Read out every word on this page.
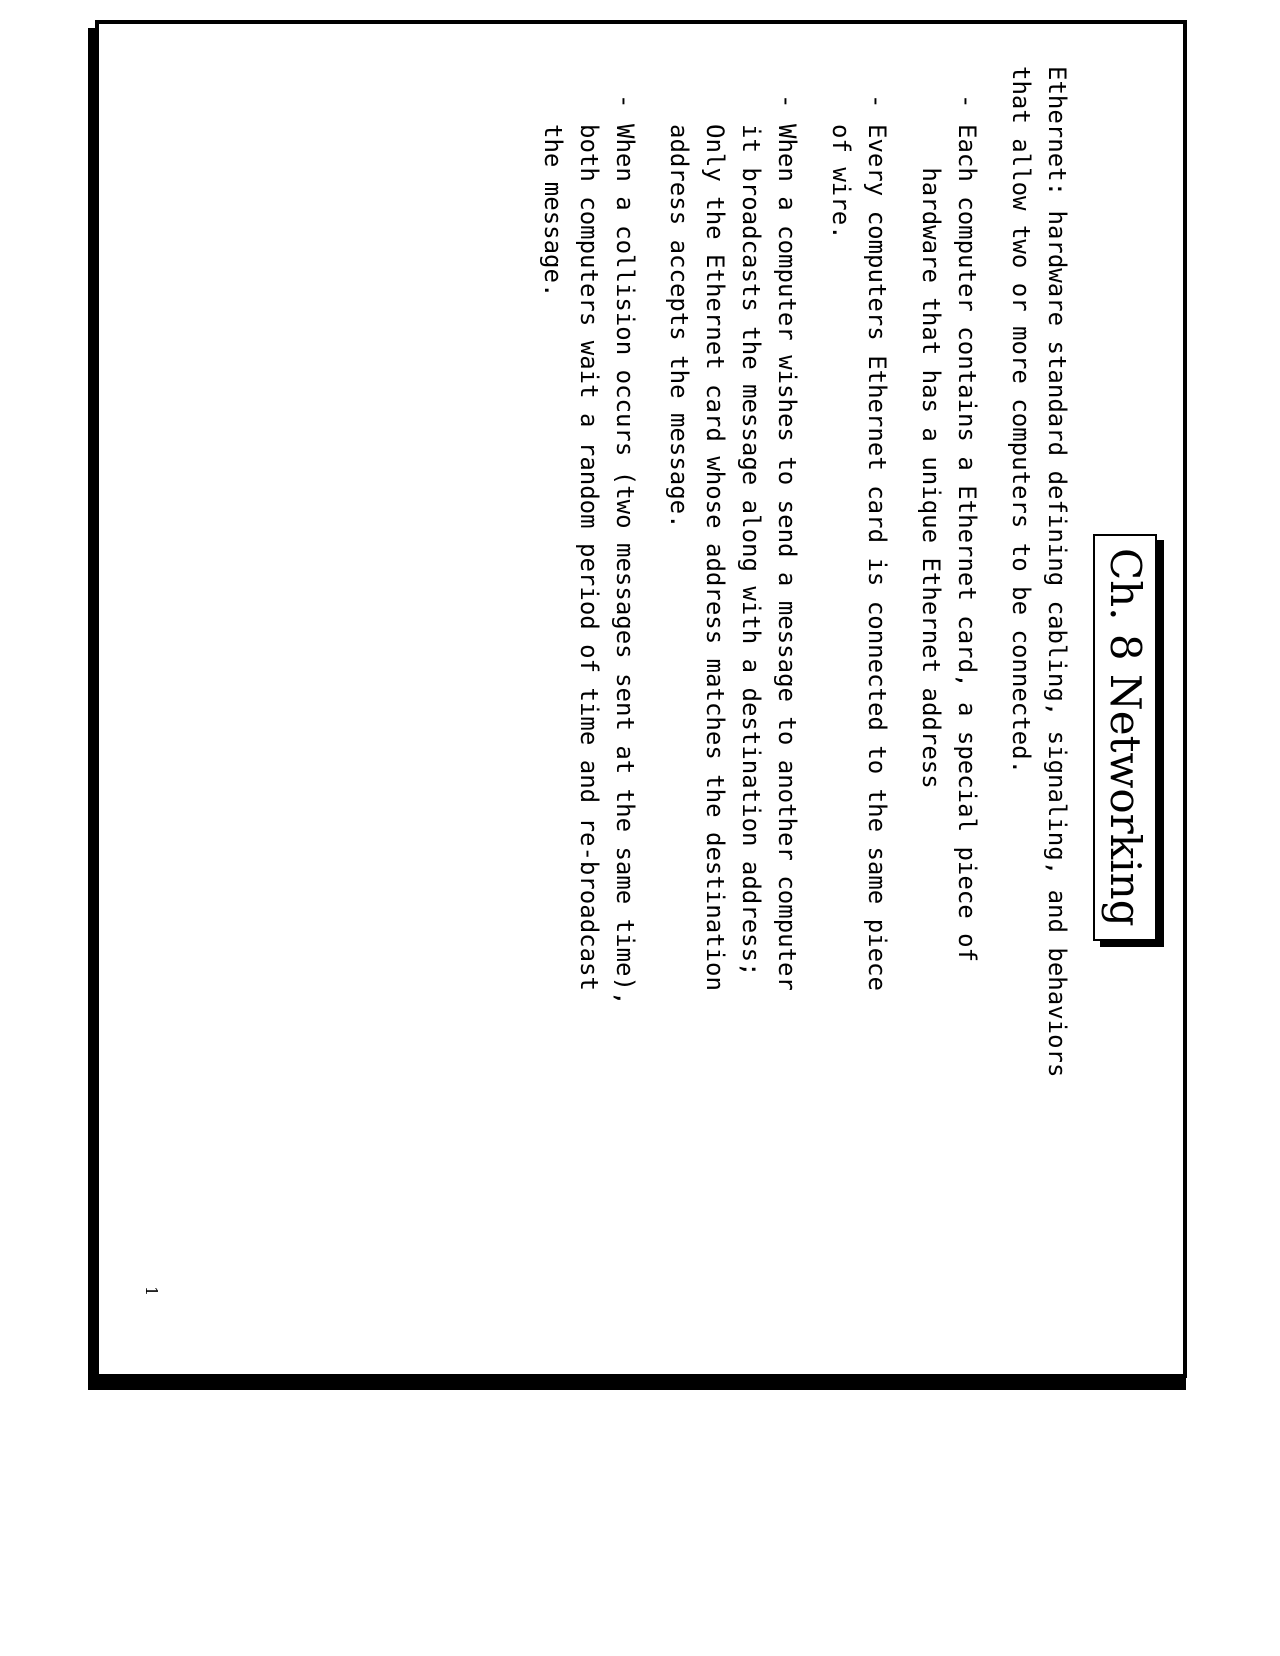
Ch. 8 Networking
Ethernet: hardware standard defining cabling, signaling, and behaviors
that allow two or more computers to be connected.
-
Each computer contains a Ethernet card, a special piece of
hardware that has a unique Ethernet address
-
Every computers Ethernet card is connected to the same piece
of wire.
-
When a computer wishes to send a message to another computer
it broadcasts the message along with a destination address;
Only the Ethernet card whose address matches the destination
address accepts the message.
-
When a collision occurs (two messages sent at the same time),
both computers wait a random period of time and re-broadcast
the message.
1
